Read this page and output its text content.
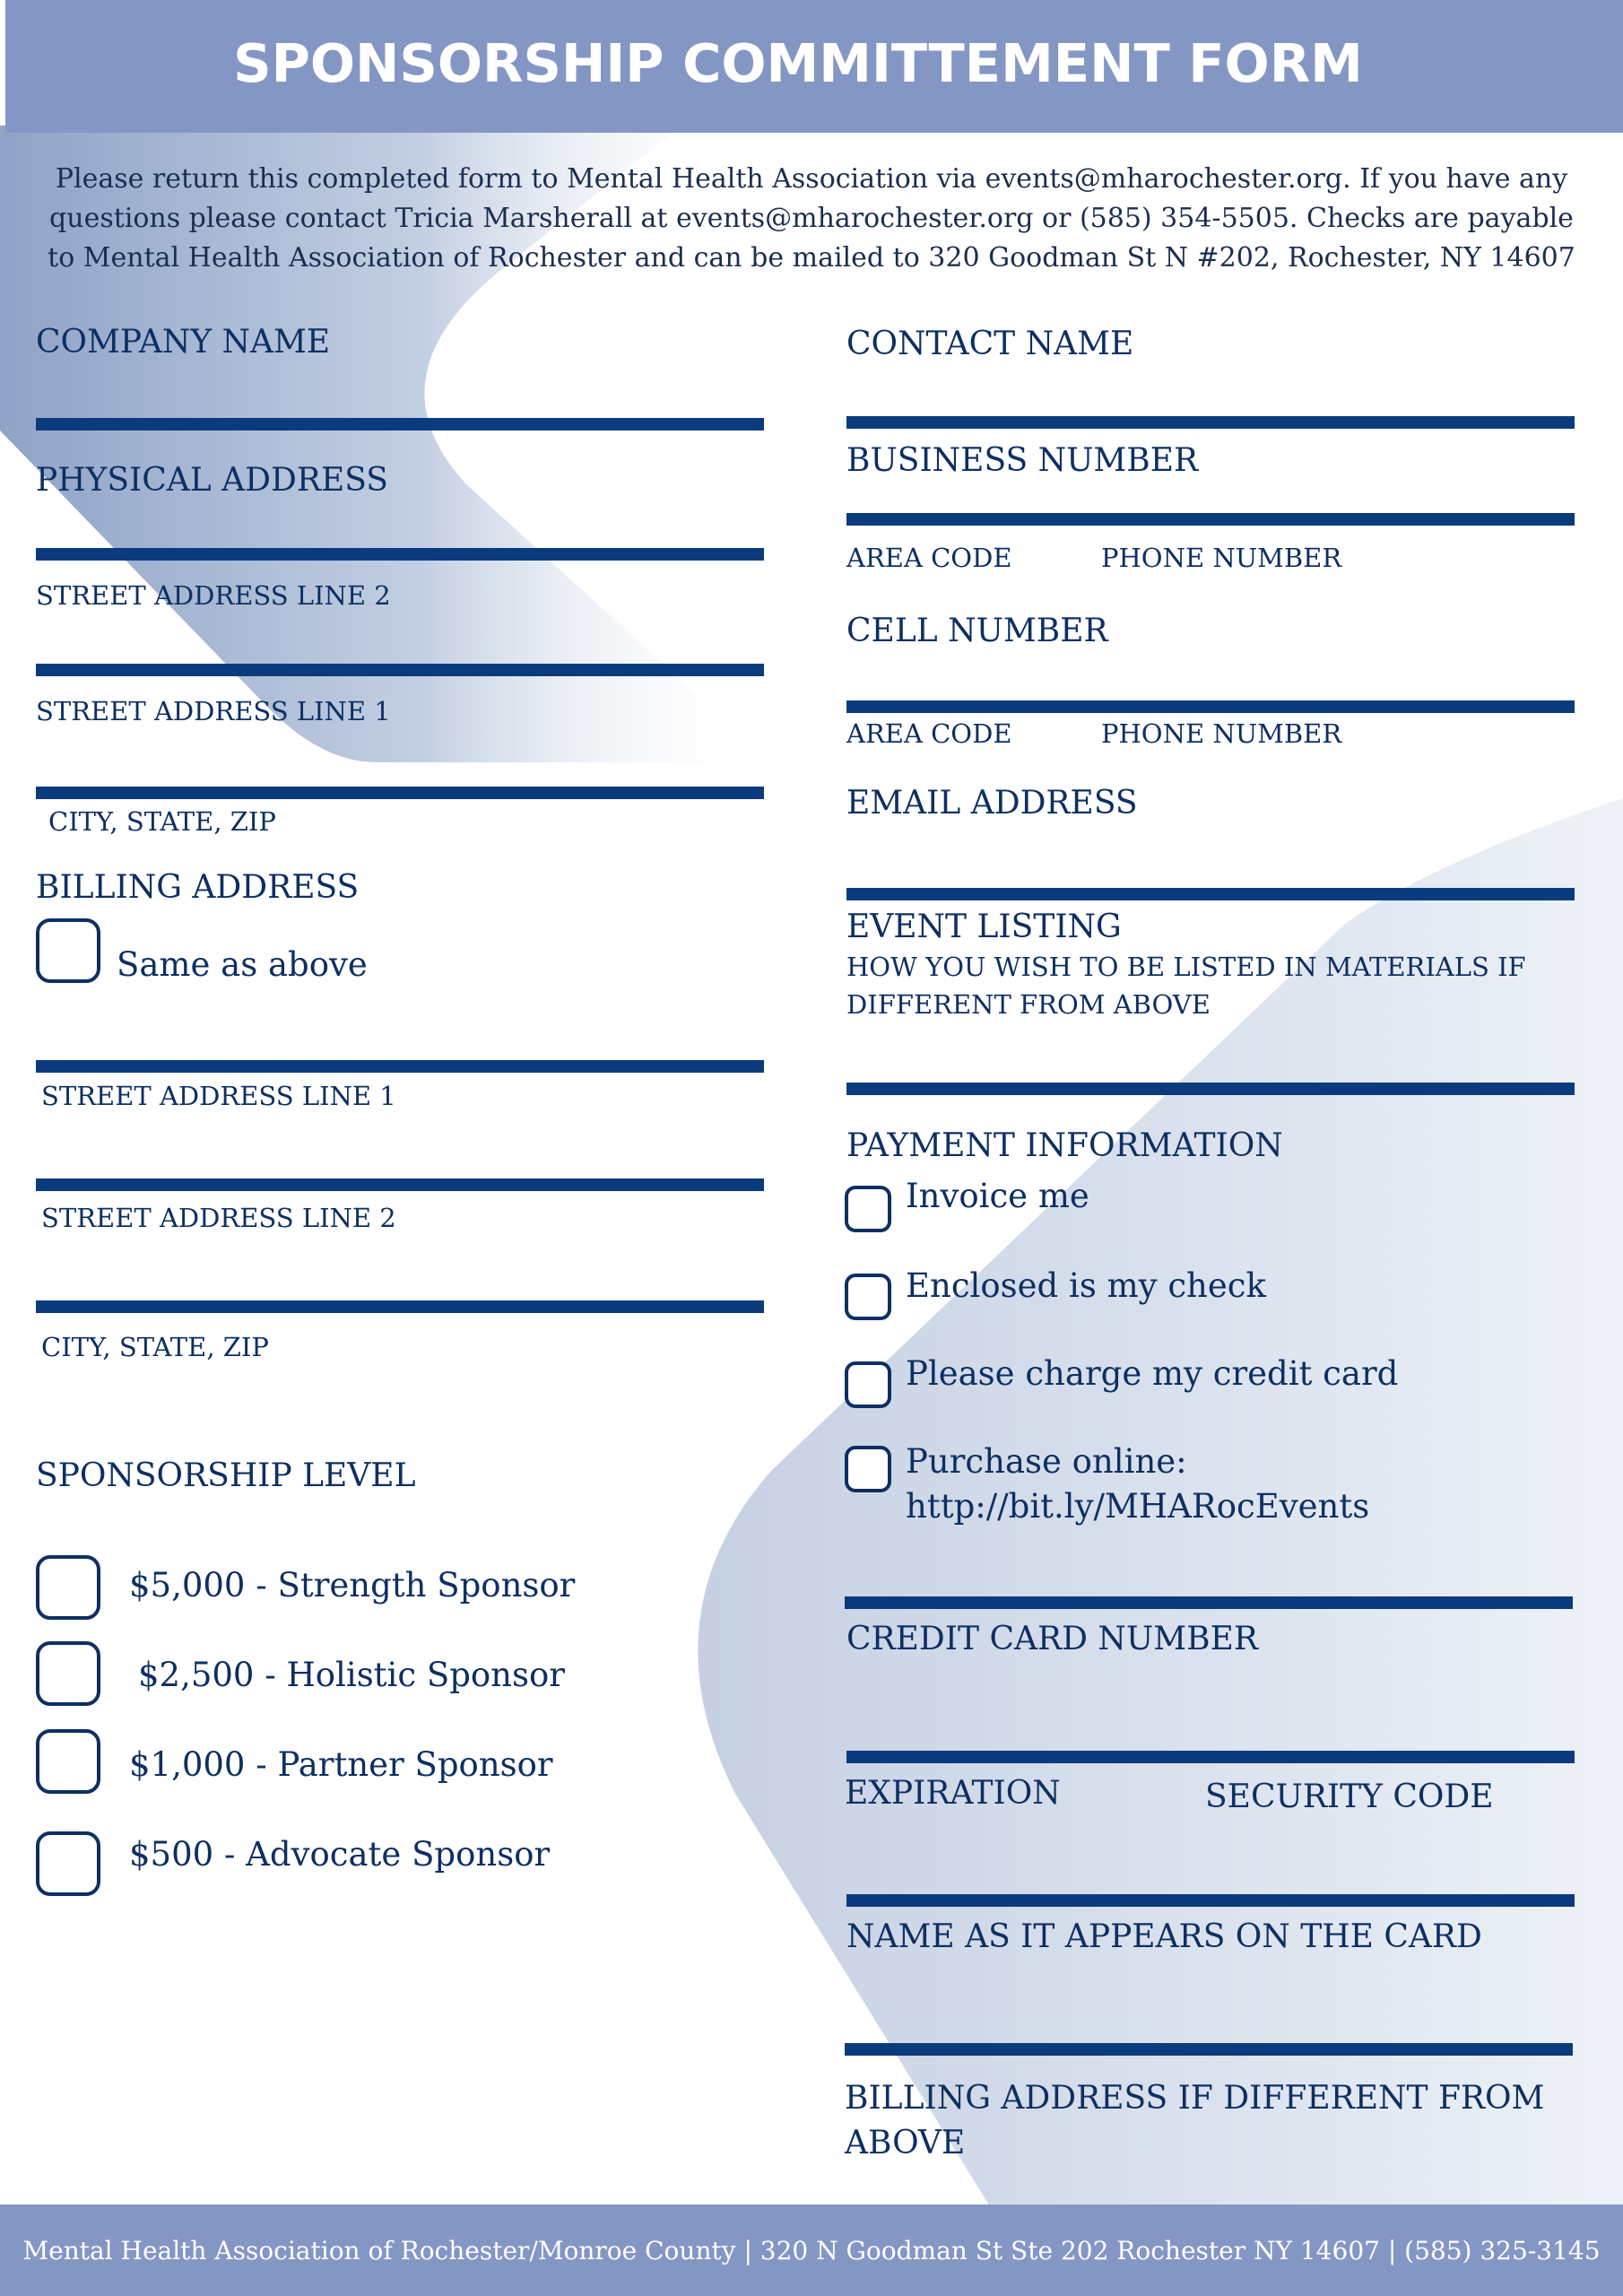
SPONSORSHIP COMMITTEMENT FORM
Please return this completed form to Mental Health Association via events@mharochester.org. If you have any questions please contact Tricia Marsherall at events@mharochester.org or (585) 354-5505. Checks are payable to Mental Health Association of Rochester and can be mailed to 320 Goodman St N #202, Rochester, NY 14607
COMPANY NAME
PHYSICAL ADDRESS
STREET ADDRESS LINE 2
STREET ADDRESS LINE 1
CITY, STATE, ZIP
BILLING ADDRESS
Same as above
STREET ADDRESS LINE 1
STREET ADDRESS LINE 2
CITY, STATE, ZIP
SPONSORSHIP LEVEL
$5,000 - Strength Sponsor
$2,500 - Holistic Sponsor
$1,000 - Partner Sponsor
$500 - Advocate Sponsor
CONTACT NAME
BUSINESS NUMBER
AREA CODE	PHONE NUMBER
CELL NUMBER
AREA CODE	PHONE NUMBER
EMAIL ADDRESS
EVENT LISTING
HOW YOU WISH TO BE LISTED IN MATERIALS IF
DIFFERENT FROM ABOVE
PAYMENT INFORMATION
Invoice me
Enclosed is my check
Please charge my credit card
Purchase online:
http://bit.ly/MHARocEvents
CREDIT CARD NUMBER
EXPIRATION	SECURITY CODE
NAME AS IT APPEARS ON THE CARD
BILLING ADDRESS IF DIFFERENT FROM
ABOVE
Mental Health Association of Rochester/Monroe County | 320 N Goodman St Ste 202 Rochester NY 14607 | (585) 325-3145
